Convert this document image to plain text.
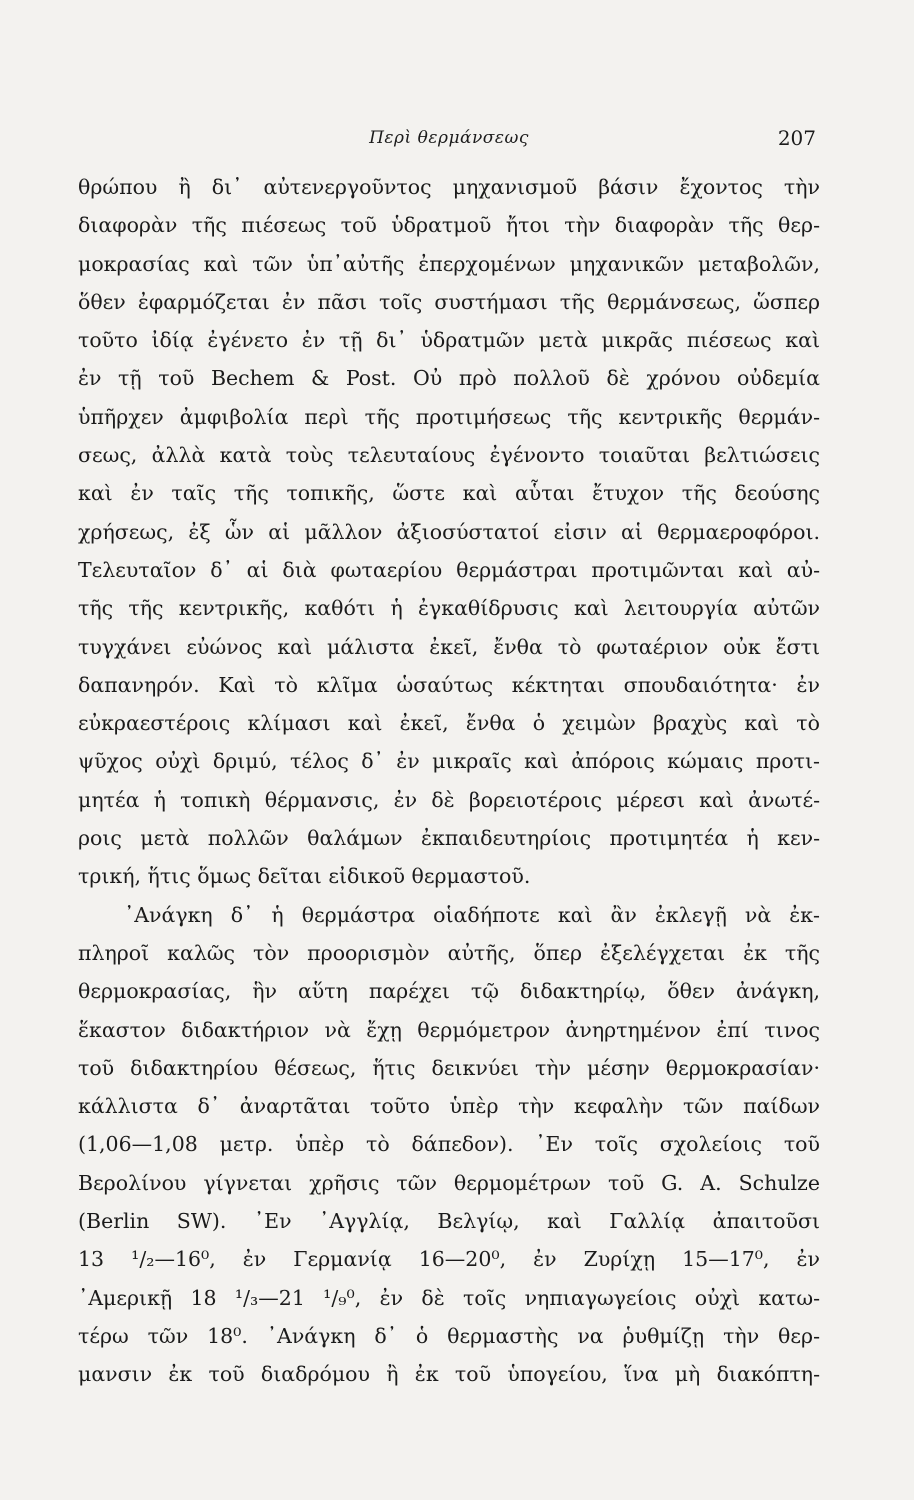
Περὶ θερμάνσεως	207
θρώπου ἢ δι᾽ αὐτενεργοῦντος μηχανισμοῦ βάσιν ἔχοντος τὴν
διαφορὰν τῆς πιέσεως τοῦ ὑδρατμοῦ ἤτοι τὴν διαφορὰν τῆς θερ-
μοκρασίας καὶ τῶν ὑπ᾽αὐτῆς ἐπερχομένων μηχανικῶν μεταβολῶν,
ὅθεν ἐφαρμόζεται ἐν πᾶσι τοῖς συστήμασι τῆς θερμάνσεως, ὥσπερ
τοῦτο ἰδίᾳ ἐγένετο ἐν τῇ δι᾽ ὑδρατμῶν μετὰ μικρᾶς πιέσεως καὶ
ἐν τῇ τοῦ Bechem & Post. Οὐ πρὸ πολλοῦ δὲ χρόνου οὐδεμία
ὑπῆρχεν ἀμφιβολία περὶ τῆς προτιμήσεως τῆς κεντρικῆς θερμάν-
σεως, ἀλλὰ κατὰ τοὺς τελευταίους ἐγένοντο τοιαῦται βελτιώσεις
καὶ ἐν ταῖς τῆς τοπικῆς, ὥστε καὶ αὗται ἔτυχον τῆς δεούσης
χρήσεως, ἐξ ὧν αἱ μᾶλλον ἀξιοσύστατοί εἰσιν αἱ θερμαεροφόροι.
Τελευταῖον δ᾽ αἱ διὰ φωταερίου θερμάστραι προτιμῶνται καὶ αὐ-
τῆς τῆς κεντρικῆς, καθότι ἡ ἐγκαθίδρυσις καὶ λειτουργία αὐτῶν
τυγχάνει εὐώνος καὶ μάλιστα ἐκεῖ, ἔνθα τὸ φωταέριον οὐκ ἔστι
δαπανηρόν. Καὶ τὸ κλῖμα ὡσαύτως κέκτηται σπουδαιότητα· ἐν
εὐκραεστέροις κλίμασι καὶ ἐκεῖ, ἔνθα ὁ χειμὼν βραχὺς καὶ τὸ
ψῦχος οὐχὶ δριμύ, τέλος δ᾽ ἐν μικραῖς καὶ ἀπόροις κώμαις προτι-
μητέα ἡ τοπικὴ θέρμανσις, ἐν δὲ βορειοτέροις μέρεσι καὶ ἀνωτέ-
ροις μετὰ πολλῶν θαλάμων ἐκπαιδευτηρίοις προτιμητέα ἡ κεν-
τρική, ἥτις ὅμως δεῖται εἰδικοῦ θερμαστοῦ.
᾽Ανάγκη δ᾽ ἡ θερμάστρα οἱαδήποτε καὶ ἂν ἐκλεγῇ νὰ ἐκ-
πληροῖ καλῶς τὸν προορισμὸν αὐτῆς, ὅπερ ἐξελέγχεται ἐκ τῆς
θερμοκρασίας, ἣν αὕτη παρέχει τῷ διδακτηρίῳ, ὅθεν ἀνάγκη,
ἕκαστον διδακτήριον νὰ ἔχῃ θερμόμετρον ἀνηρτημένον ἐπί τινος
τοῦ διδακτηρίου θέσεως, ἥτις δεικνύει τὴν μέσην θερμοκρασίαν·
κάλλιστα δ᾽ ἀναρτᾶται τοῦτο ὑπὲρ τὴν κεφαλὴν τῶν παίδων
(1,06—1,08 μετρ. ὑπὲρ τὸ δάπεδον). ᾽Εν τοῖς σχολείοις τοῦ
Βερολίνου γίγνεται χρῆσις τῶν θερμομέτρων τοῦ G. A. Schulze
(Berlin SW). ᾽Εν ᾽Αγγλίᾳ, Βελγίῳ, καὶ Γαλλίᾳ ἀπαιτοῦσι
13 ¹/₂—16⁰, ἐν Γερμανίᾳ 16—20⁰, ἐν Ζυρίχῃ 15—17⁰, ἐν
᾽Αμερικῇ 18 ¹/₃—21 ¹/₉⁰, ἐν δὲ τοῖς νηπιαγωγείοις οὐχὶ κατω-
τέρω τῶν 18⁰. ᾽Ανάγκη δ᾽ ὁ θερμαστὴς να ῥυθμίζῃ τὴν θερ-
μανσιν ἐκ τοῦ διαδρόμου ἢ ἐκ τοῦ ὑπογείου, ἵνα μὴ διακόπτη-
